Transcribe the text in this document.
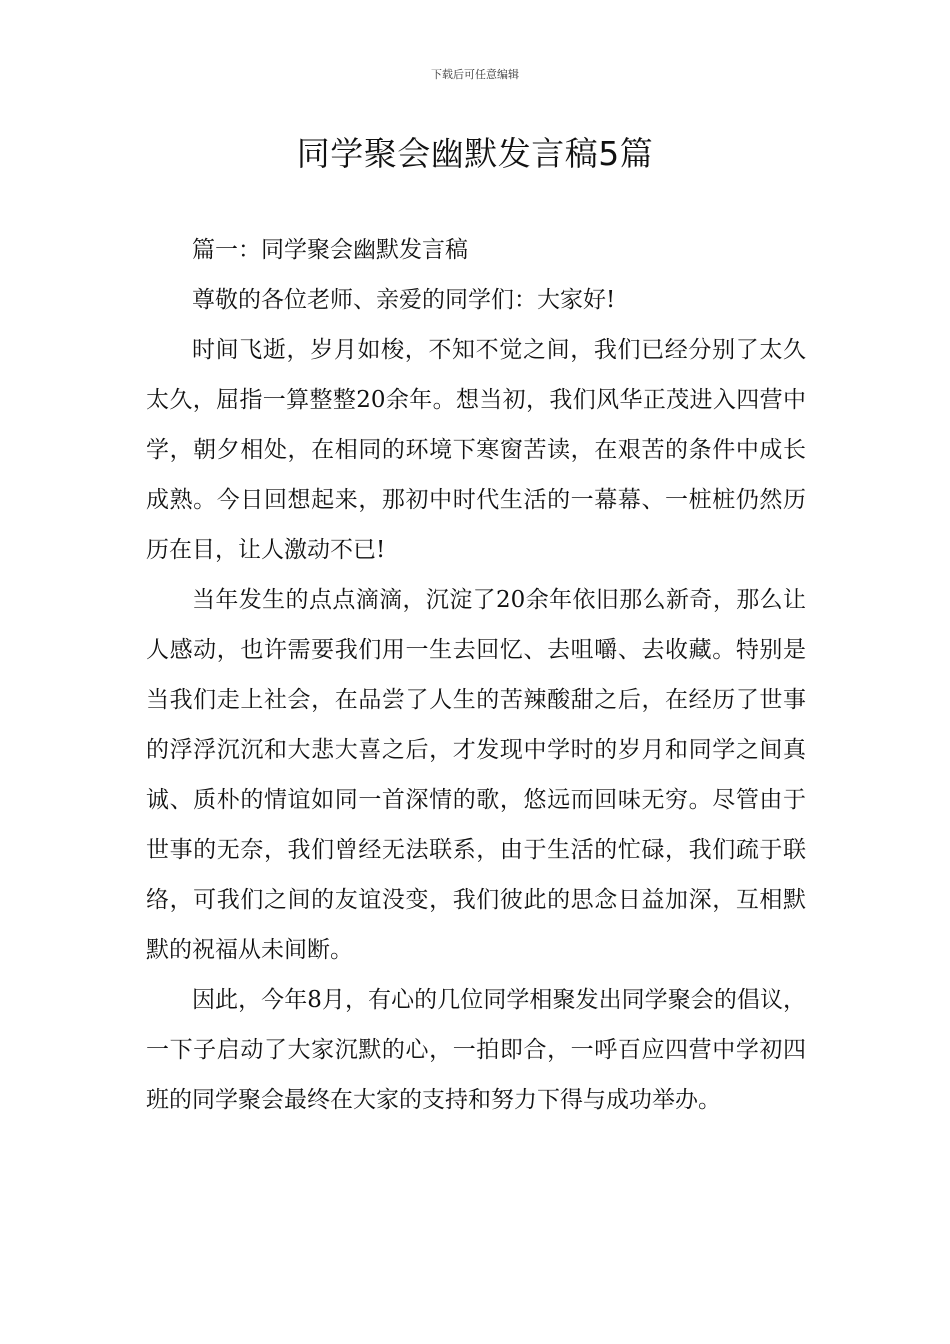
下载后可任意编辑
同学聚会幽默发言稿5篇

篇一：同学聚会幽默发言稿

尊敬的各位老师、亲爱的同学们：大家好!

时间飞逝，岁月如梭，不知不觉之间，我们已经分别了太久太久，屈指一算整整20余年。想当初，我们风华正茂进入四营中学，朝夕相处，在相同的环境下寒窗苦读，在艰苦的条件中成长成熟。今日回想起来，那初中时代生活的一幕幕、一桩桩仍然历历在目，让人激动不已!

当年发生的点点滴滴，沉淀了20余年依旧那么新奇，那么让人感动，也许需要我们用一生去回忆、去咀嚼、去收藏。特别是当我们走上社会，在品尝了人生的苦辣酸甜之后，在经历了世事的浮浮沉沉和大悲大喜之后，才发现中学时的岁月和同学之间真诚、质朴的情谊如同一首深情的歌，悠远而回味无穷。尽管由于世事的无奈，我们曾经无法联系，由于生活的忙碌，我们疏于联络，可我们之间的友谊没变，我们彼此的思念日益加深，互相默默的祝福从未间断。

因此，今年8月，有心的几位同学相聚发出同学聚会的倡议，一下子启动了大家沉默的心，一拍即合，一呼百应四营中学初四班的同学聚会最终在大家的支持和努力下得与成功举办。
